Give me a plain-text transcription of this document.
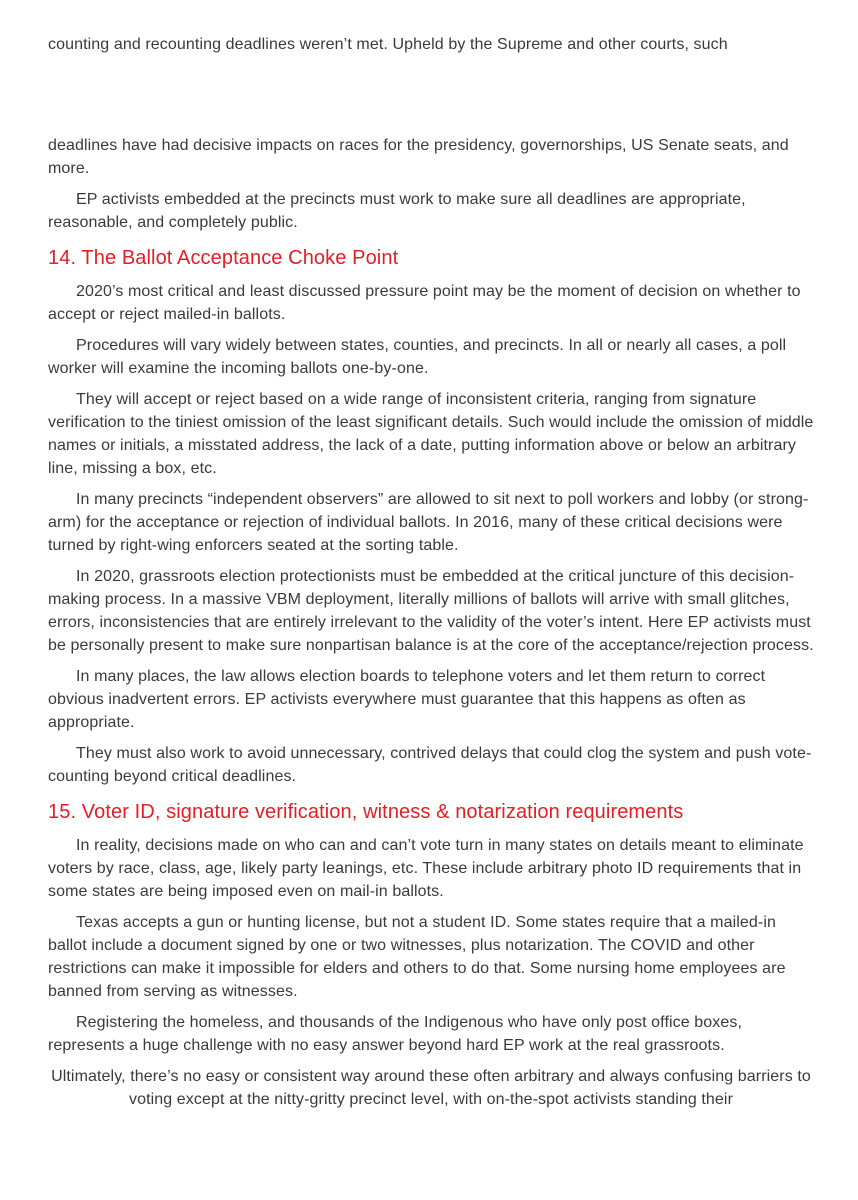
counting and recounting deadlines weren’t met. Upheld by the Supreme and other courts, such

deadlines have had decisive impacts on races for the presidency, governorships, US Senate seats, and more.

EP activists embedded at the precincts must work to make sure all deadlines are appropriate, reasonable, and completely public.

14. The Ballot Acceptance Choke Point

2020’s most critical and least discussed pressure point may be the moment of decision on whether to accept or reject mailed-in ballots.

Procedures will vary widely between states, counties, and precincts. In all or nearly all cases, a poll worker will examine the incoming ballots one-by-one.

They will accept or reject based on a wide range of inconsistent criteria, ranging from signature verification to the tiniest omission of the least significant details. Such would include the omission of middle names or initials, a misstated address, the lack of a date, putting information above or below an arbitrary line, missing a box, etc.

In many precincts “independent observers” are allowed to sit next to poll workers and lobby (or strong-arm) for the acceptance or rejection of individual ballots. In 2016, many of these critical decisions were turned by right-wing enforcers seated at the sorting table.

In 2020, grassroots election protectionists must be embedded at the critical juncture of this decision-making process. In a massive VBM deployment, literally millions of ballots will arrive with small glitches, errors, inconsistencies that are entirely irrelevant to the validity of the voter’s intent. Here EP activists must be personally present to make sure nonpartisan balance is at the core of the acceptance/rejection process.

In many places, the law allows election boards to telephone voters and let them return to correct obvious inadvertent errors. EP activists everywhere must guarantee that this happens as often as appropriate.

They must also work to avoid unnecessary, contrived delays that could clog the system and push vote-counting beyond critical deadlines.

15. Voter ID, signature verification, witness & notarization requirements

In reality, decisions made on who can and can’t vote turn in many states on details meant to eliminate voters by race, class, age, likely party leanings, etc. These include arbitrary photo ID requirements that in some states are being imposed even on mail-in ballots.

Texas accepts a gun or hunting license, but not a student ID. Some states require that a mailed-in ballot include a document signed by one or two witnesses, plus notarization. The COVID and other restrictions can make it impossible for elders and others to do that. Some nursing home employees are banned from serving as witnesses.

Registering the homeless, and thousands of the Indigenous who have only post office boxes, represents a huge challenge with no easy answer beyond hard EP work at the real grassroots.

Ultimately, there’s no easy or consistent way around these often arbitrary and always confusing barriers to voting except at the nitty-gritty precinct level, with on-the-spot activists standing their
